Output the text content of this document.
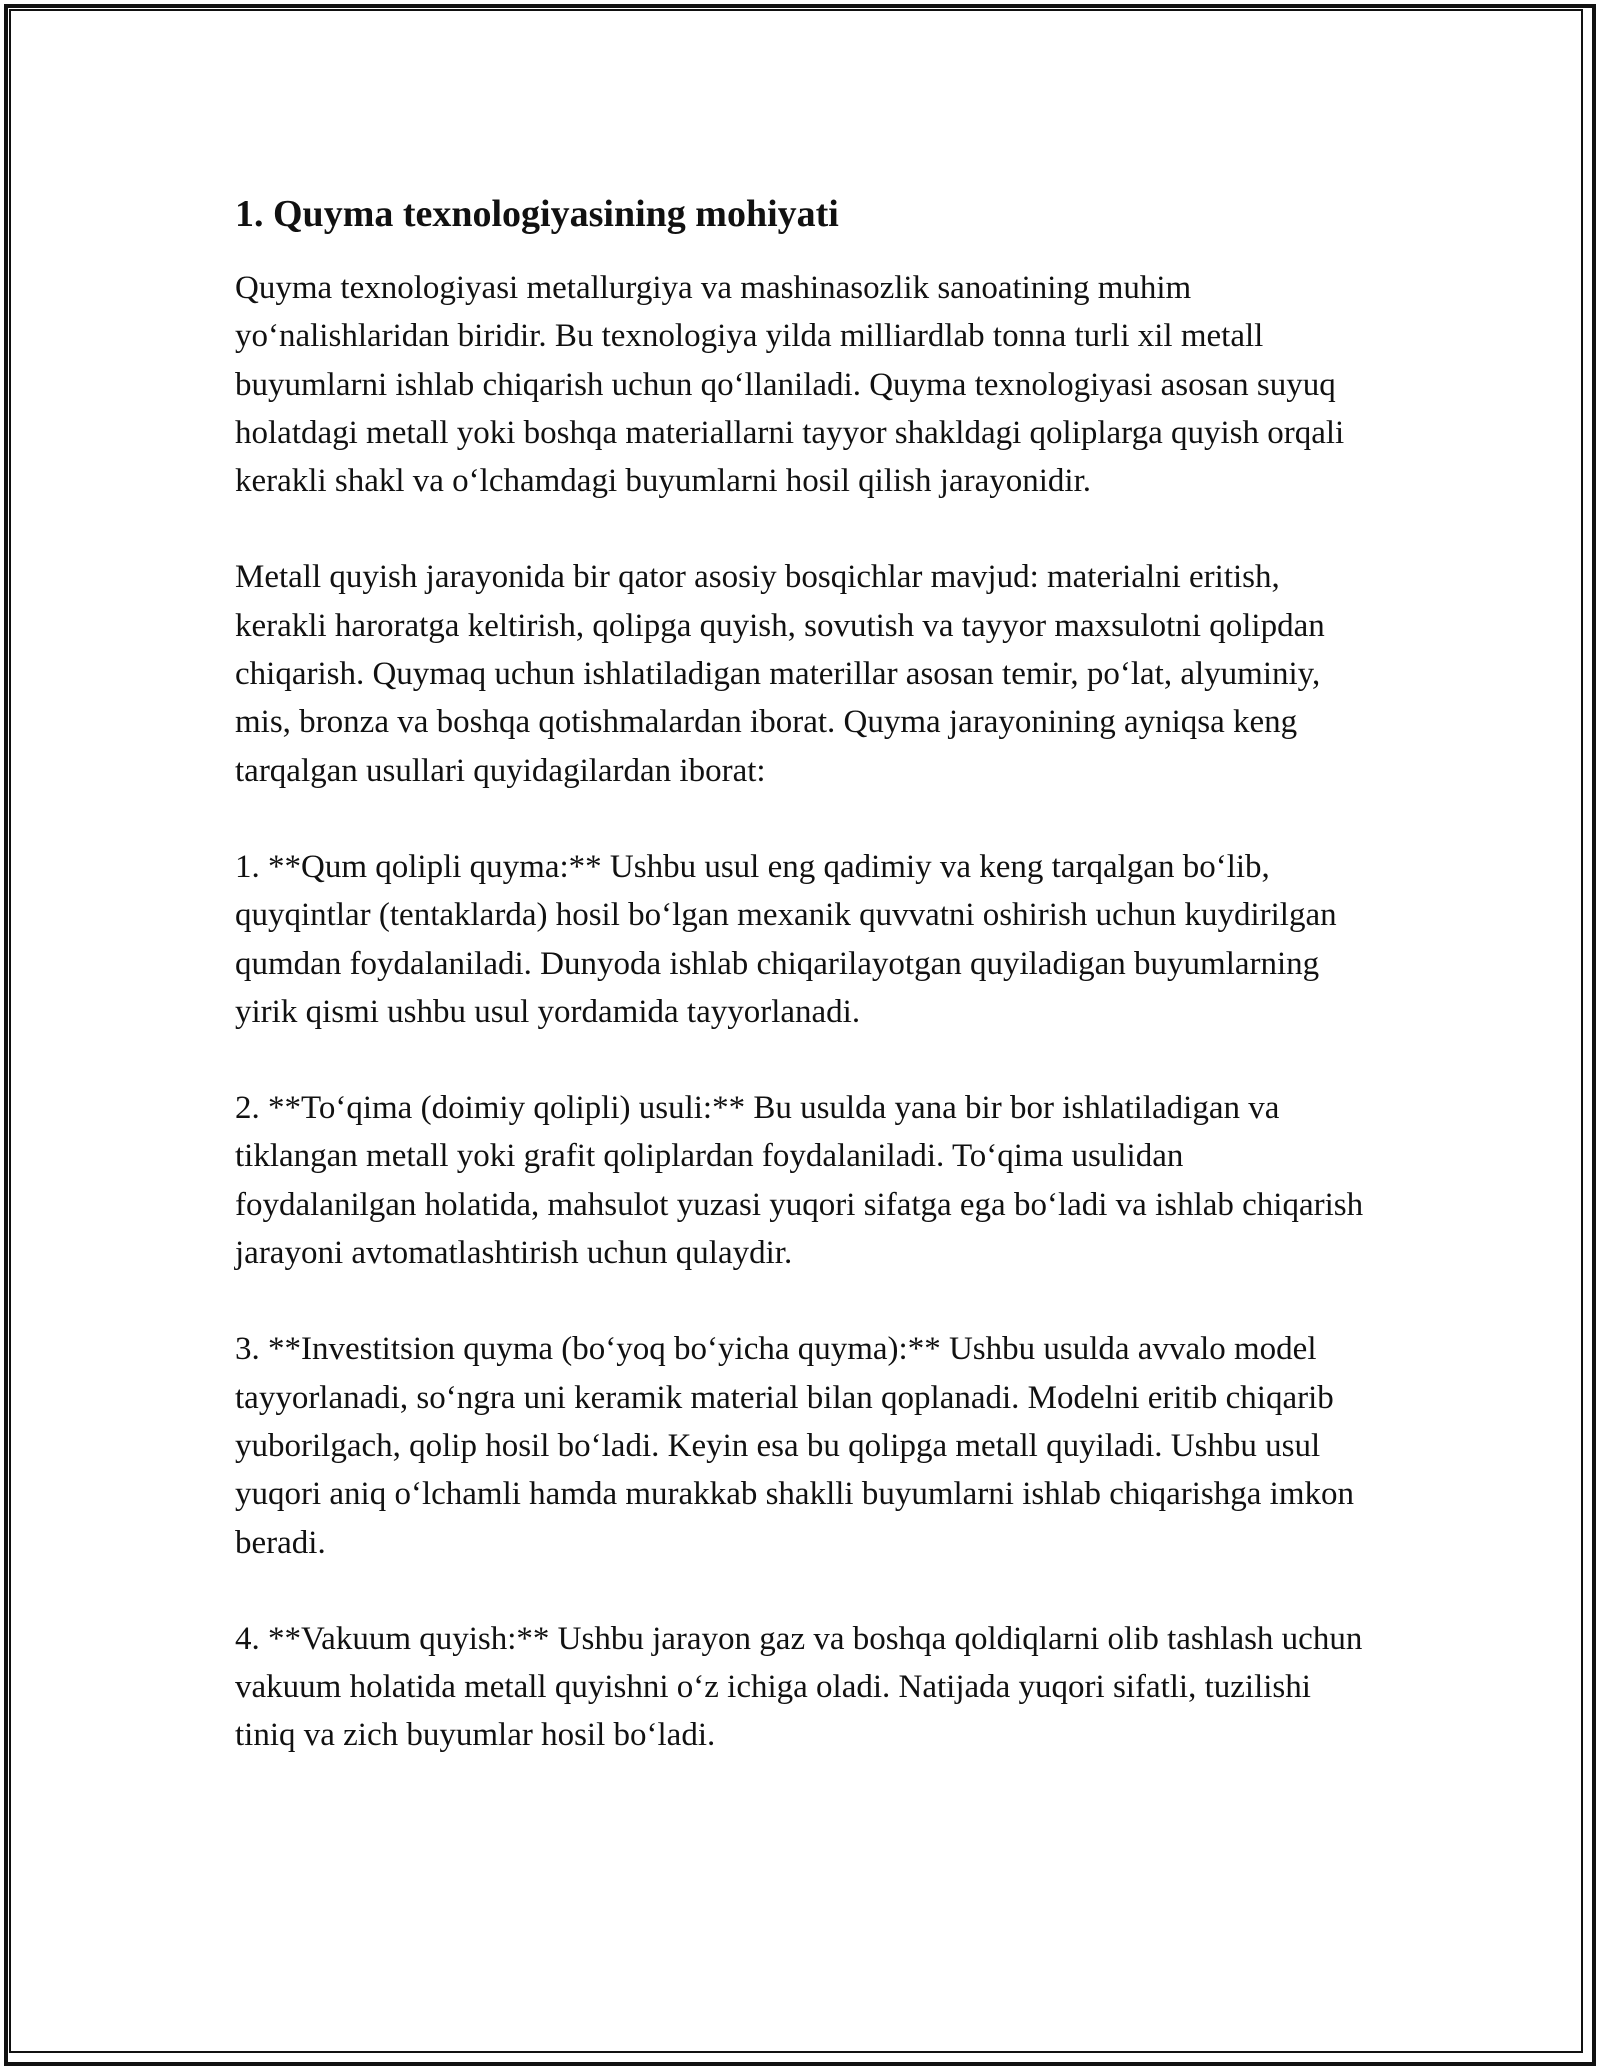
1. Quyma texnologiyasining mohiyati

Quyma texnologiyasi metallurgiya va mashinasozlik sanoatining muhim yo‘nalishlaridan biridir. Bu texnologiya yilda milliardlab tonna turli xil metall buyumlarni ishlab chiqarish uchun qo‘llaniladi. Quyma texnologiyasi asosan suyuq holatdagi metall yoki boshqa materiallarni tayyor shakldagi qoliplarga quyish orqali kerakli shakl va o‘lchamdagi buyumlarni hosil qilish jarayonidir.

Metall quyish jarayonida bir qator asosiy bosqichlar mavjud: materialni eritish, kerakli haroratga keltirish, qolipga quyish, sovutish va tayyor maxsulotni qolipdan chiqarish. Quymaq uchun ishlatiladigan materillar asosan temir, po‘lat, alyuminiy, mis, bronza va boshqa qotishmalardan iborat. Quyma jarayonining ayniqsa keng tarqalgan usullari quyidagilardan iborat:

1. **Qum qolipli quyma:** Ushbu usul eng qadimiy va keng tarqalgan bo‘lib, quyqintlar (tentaklarda) hosil bo‘lgan mexanik quvvatni oshirish uchun kuydirilgan qumdan foydalaniladi. Dunyoda ishlab chiqarilayotgan quyiladigan buyumlarning yirik qismi ushbu usul yordamida tayyorlanadi.

2. **To‘qima (doimiy qolipli) usuli:** Bu usulda yana bir bor ishlatiladigan va tiklangan metall yoki grafit qoliplardan foydalaniladi. To‘qima usulidan foydalanilgan holatida, mahsulot yuzasi yuqori sifatga ega bo‘ladi va ishlab chiqarish jarayoni avtomatlashtirish uchun qulaydir.

3. **Investitsion quyma (bo‘yoq bo‘yicha quyma):** Ushbu usulda avvalo model tayyorlanadi, so‘ngra uni keramik material bilan qoplanadi. Modelni eritib chiqarib yuborilgach, qolip hosil bo‘ladi. Keyin esa bu qolipga metall quyiladi. Ushbu usul yuqori aniq o‘lchamli hamda murakkab shaklli buyumlarni ishlab chiqarishga imkon beradi.

4. **Vakuum quyish:** Ushbu jarayon gaz va boshqa qoldiqlarni olib tashlash uchun vakuum holatida metall quyishni o‘z ichiga oladi. Natijada yuqori sifatli, tuzilishi tiniq va zich buyumlar hosil bo‘ladi.
